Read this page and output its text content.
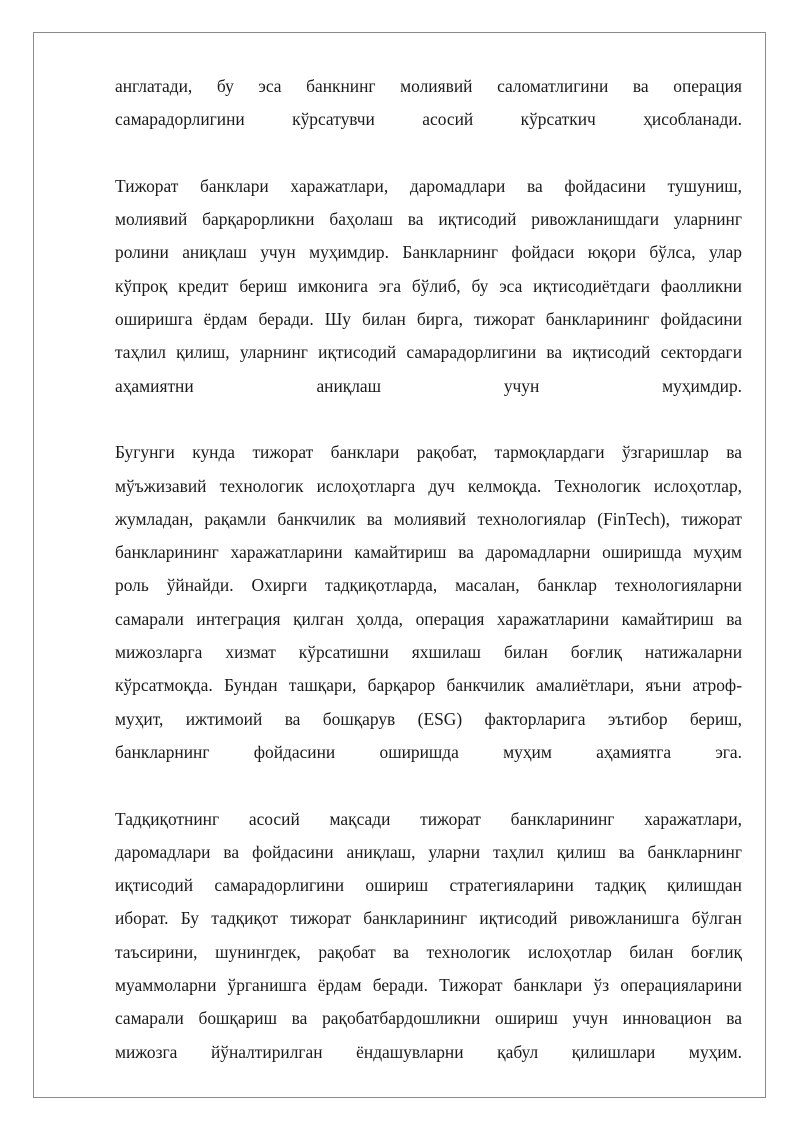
англатади, бу эса банкнинг молиявий саломатлигини ва операция
самарадорлигини кўрсатувчи асосий кўрсаткич ҳисобланади.

Тижорат банклари харажатлари, даромадлари ва фойдасини тушуниш,
молиявий барқарорликни баҳолаш ва иқтисодий ривожланишдаги уларнинг
ролини аниқлаш учун муҳимдир. Банкларнинг фойдаси юқори бўлса, улар
кўпроқ кредит бериш имконига эга бўлиб, бу эса иқтисодиётдаги фаолликни
оширишга ёрдам беради. Шу билан бирга, тижорат банкларининг фойдасини
таҳлил қилиш, уларнинг иқтисодий самарадорлигини ва иқтисодий сектордаги
аҳамиятни аниқлаш учун муҳимдир.

Бугунги кунда тижорат банклари рақобат, тармоқлардаги ўзгаришлар ва
мўъжизавий технологик ислоҳотларга дуч келмоқда. Технологик ислоҳотлар,
жумладан, рақамли банкчилик ва молиявий технологиялар (FinTech), тижорат
банкларининг харажатларини камайтириш ва даромадларни оширишда муҳим
роль ўйнайди. Охирги тадқиқотларда, масалан, банклар технологияларни
самарали интеграция қилган ҳолда, операция харажатларини камайтириш ва
мижозларга хизмат кўрсатишни яхшилаш билан боғлиқ натижаларни
кўрсатмоқда. Бундан ташқари, барқарор банкчилик амалиётлари, яъни атроф-
муҳит, ижтимоий ва бошқарув (ESG) факторларига эътибор бериш,
банкларнинг фойдасини оширишда муҳим аҳамиятга эга.

Тадқиқотнинг асосий мақсади тижорат банкларининг харажатлари,
даромадлари ва фойдасини аниқлаш, уларни таҳлил қилиш ва банкларнинг
иқтисодий самарадорлигини ошириш стратегияларини тадқиқ қилишдан
иборат. Бу тадқиқот тижорат банкларининг иқтисодий ривожланишга бўлган
таъсирини, шунингдек, рақобат ва технологик ислоҳотлар билан боғлиқ
муаммоларни ўрганишга ёрдам беради. Тижорат банклари ўз операцияларини
самарали бошқариш ва рақобатбардошликни ошириш учун инновацион ва
мижозга йўналтирилган ёндашувларни қабул қилишлари муҳим.
